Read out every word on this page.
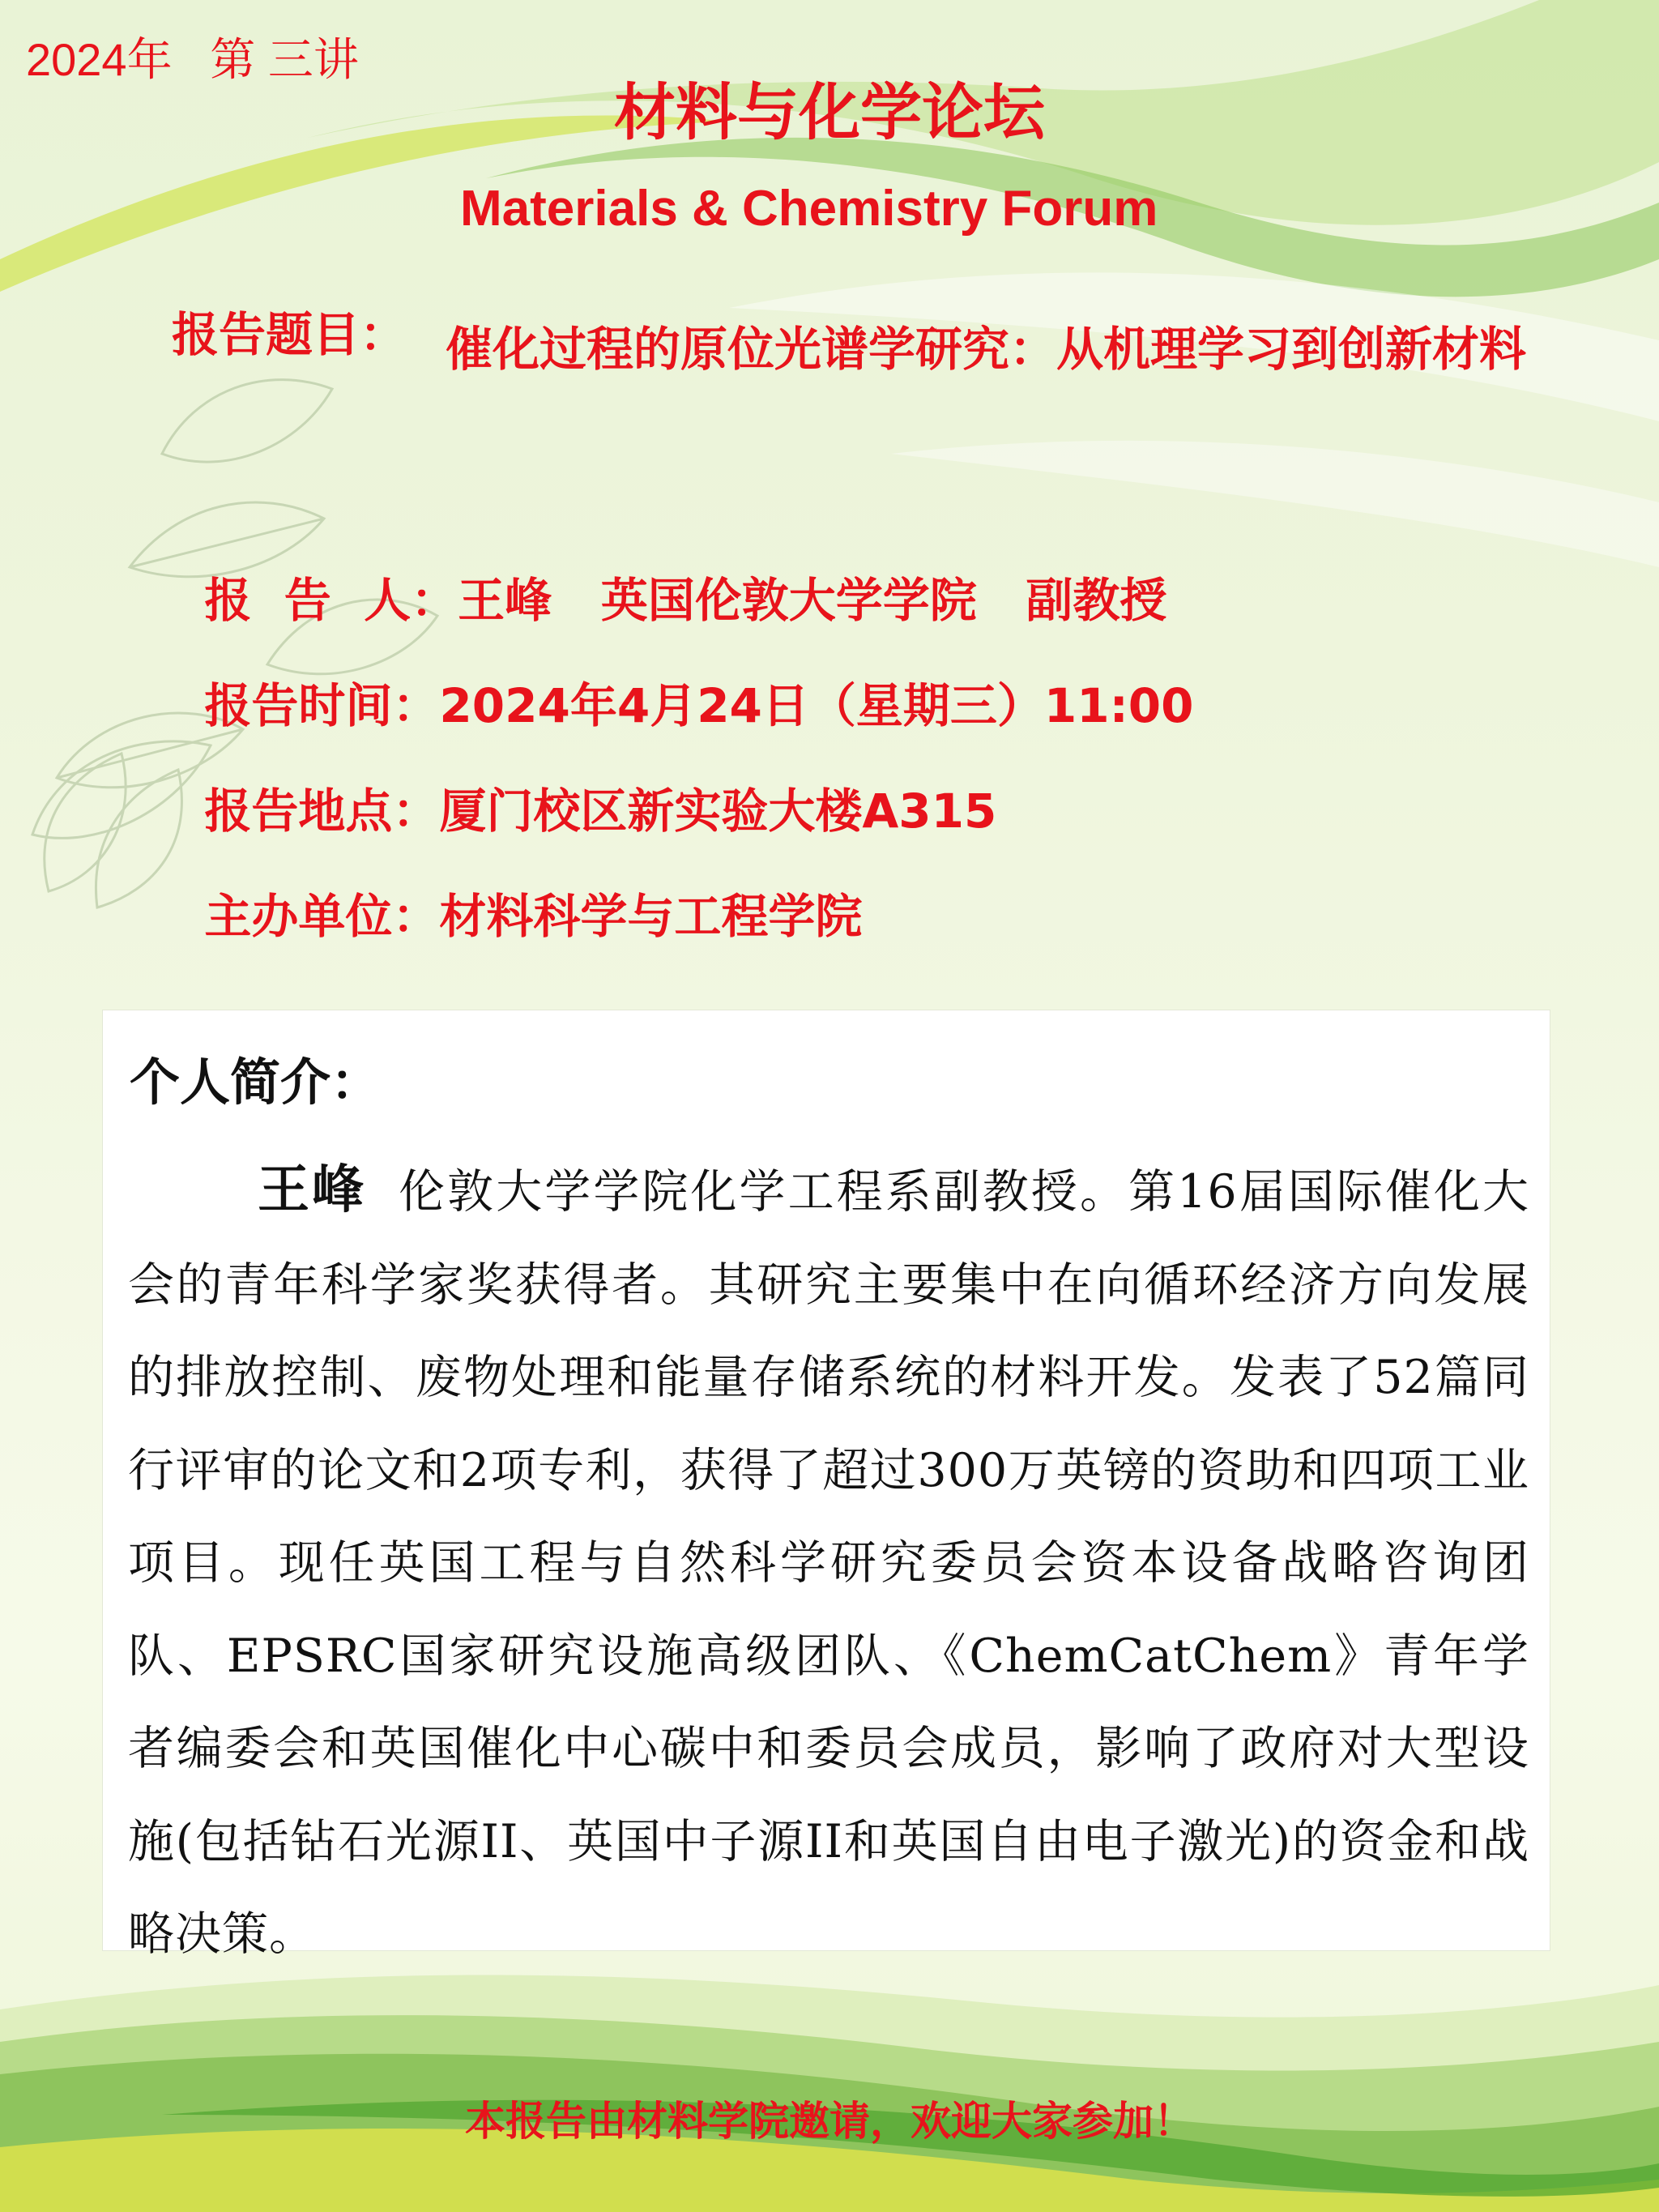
2024年   第 三讲
材料与化学论坛
Materials & Chemistry Forum
报告题目： 催化过程的原位光谱学研究：从机理学习到创新材料

报  告  人：王峰   英国伦敦大学学院   副教授

报告时间：2024年4月24日（星期三）11:00

报告地点：厦门校区新实验大楼A315

主办单位：材料科学与工程学院

个人简介：
王峰 伦敦大学学院化学工程系副教授。第16届国际催化大会的青年科学家奖获得者。其研究主要集中在向循环经济方向发展的排放控制、废物处理和能量存储系统的材料开发。发表了52篇同行评审的论文和2项专利，获得了超过300万英镑的资助和四项工业项目。现任英国工程与自然科学研究委员会资本设备战略咨询团队、EPSRC国家研究设施高级团队、《ChemCatChem》青年学者编委会和英国催化中心碳中和委员会成员，影响了政府对大型设施(包括钻石光源II、英国中子源II和英国自由电子激光)的资金和战略决策。
本报告由材料学院邀请，欢迎大家参加！
